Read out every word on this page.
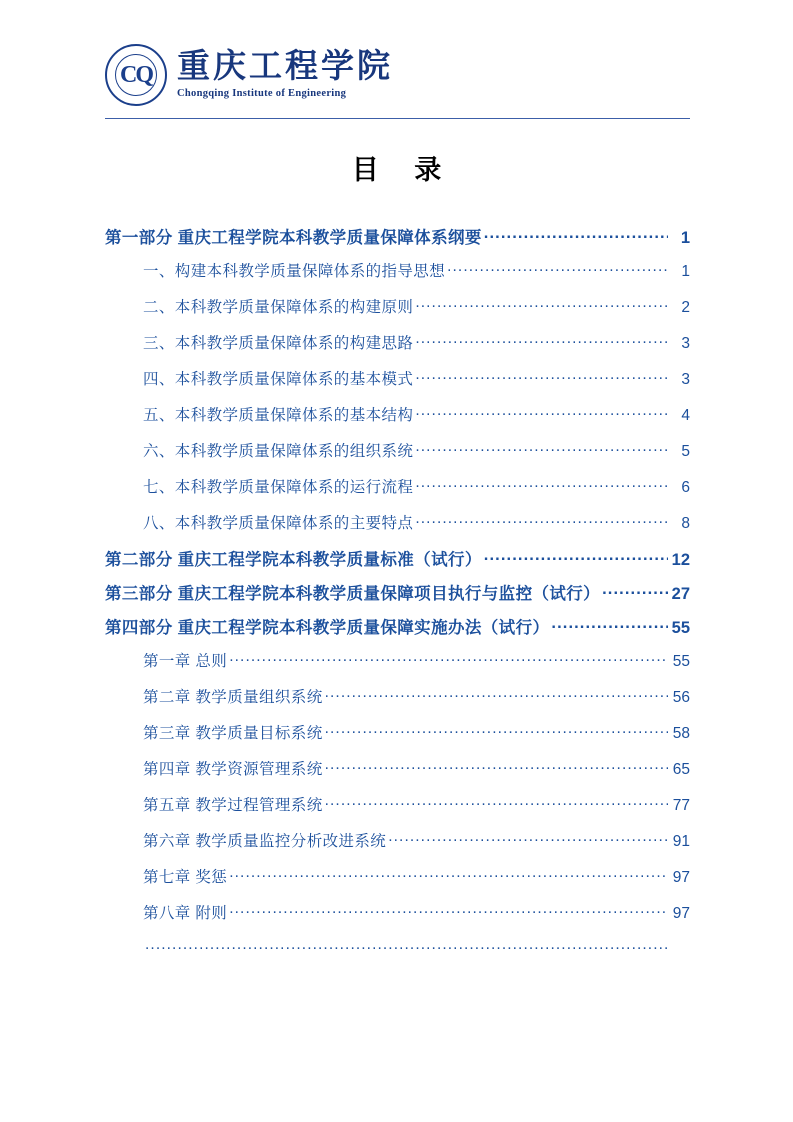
CQ 重庆工程学院
Chongqing Institute of Engineering
目 录
第一部分 重庆工程学院本科教学质量保障体系纲要 .....	1
一、构建本科教学质量保障体系的指导思想 .....	1
二、本科教学质量保障体系的构建原则 .....	2
三、本科教学质量保障体系的构建思路 .....	3
四、本科教学质量保障体系的基本模式 .....	3
五、本科教学质量保障体系的基本结构 .....	4
六、本科教学质量保障体系的组织系统 .....	5
七、本科教学质量保障体系的运行流程 .....	6
八、本科教学质量保障体系的主要特点 .....	8
第二部分 重庆工程学院本科教学质量标准（试行） .....	12
第三部分 重庆工程学院本科教学质量保障项目执行与监控（试行） .....	27
第四部分 重庆工程学院本科教学质量保障实施办法（试行） .....	55
第一章 总则 .....	55
第二章 教学质量组织系统 .....	56
第三章 教学质量目标系统 .....	58
第四章 教学资源管理系统 .....	65
第五章 教学过程管理系统 .....	77
第六章 教学质量监控分析改进系统 .....	91
第七章 奖惩 .....	97
第八章 附则 .....	97
.....
